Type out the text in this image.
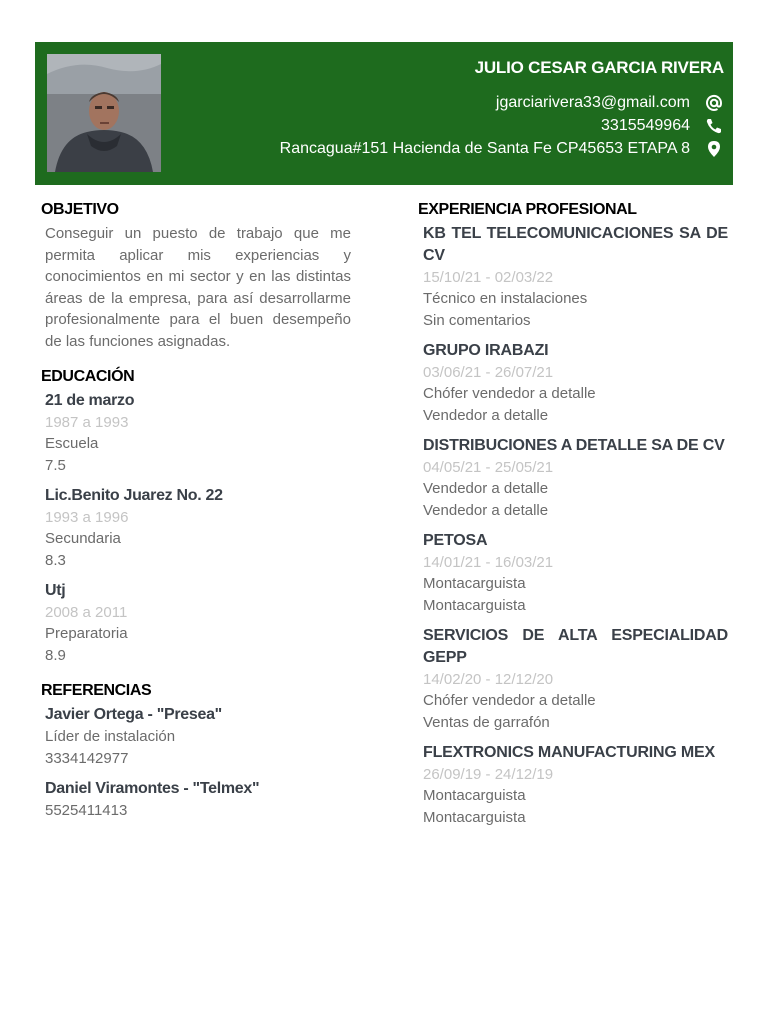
JULIO CESAR GARCIA RIVERA
jgarciarivera33@gmail.com
3315549964
Rancagua#151 Hacienda de Santa Fe CP45653 ETAPA 8
OBJETIVO
Conseguir un puesto de trabajo que me permita aplicar mis experiencias y conocimientos en mi sector y en las distintas áreas de la empresa, para así desarrollarme profesionalmente para el buen desempeño de las funciones asignadas.
EDUCACIÓN
21 de marzo
1987 a 1993
Escuela
7.5
Lic.Benito Juarez No. 22
1993 a 1996
Secundaria
8.3
Utj
2008 a 2011
Preparatoria
8.9
REFERENCIAS
Javier Ortega - "Presea"
Líder de instalación
3334142977
Daniel Viramontes - "Telmex"
5525411413
EXPERIENCIA PROFESIONAL
KB TEL TELECOMUNICACIONES SA DE CV
15/10/21 - 02/03/22
Técnico en instalaciones
Sin comentarios
GRUPO IRABAZI
03/06/21 - 26/07/21
Chófer vendedor a detalle
Vendedor a detalle
DISTRIBUCIONES A DETALLE SA DE CV
04/05/21 - 25/05/21
Vendedor a detalle
Vendedor a detalle
PETOSA
14/01/21 - 16/03/21
Montacarguista
Montacarguista
SERVICIOS DE ALTA ESPECIALIDAD GEPP
14/02/20 - 12/12/20
Chófer vendedor a detalle
Ventas de garrafón
FLEXTRONICS MANUFACTURING MEX
26/09/19 - 24/12/19
Montacarguista
Montacarguista
